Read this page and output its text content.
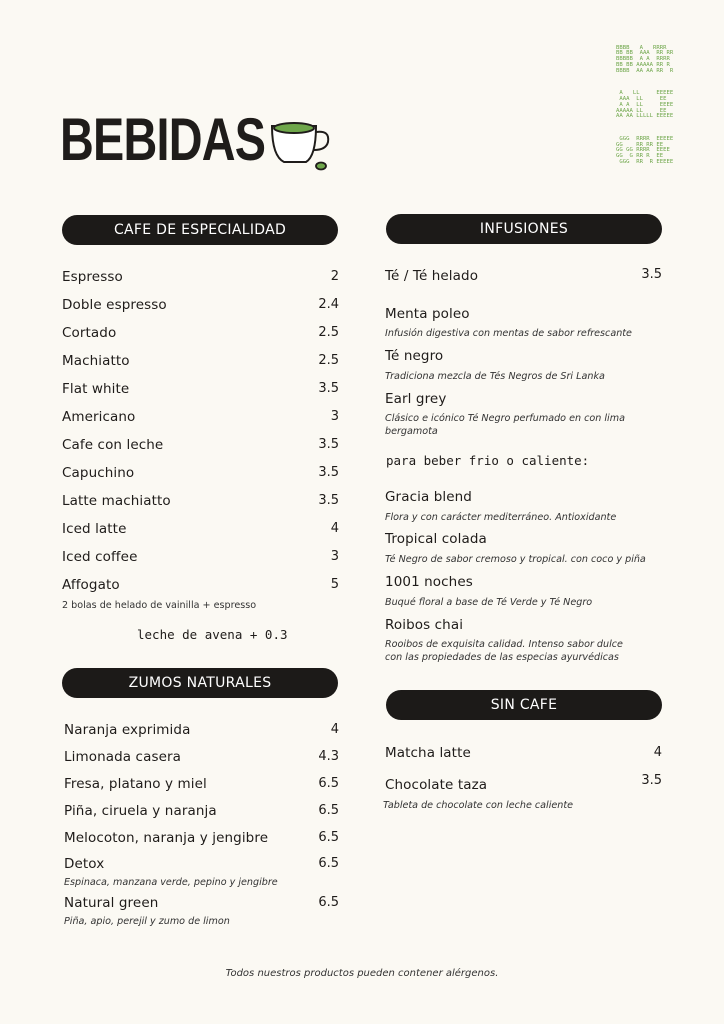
BEBIDAS

BBBB   A   RRRR
BB BB  AAA  RR RR
BBBBB  A A  RRRR
BB BB AAAAA RR R
BBBB  AA AA RR  R

A   LL     EEEEE
AAA  LL     EE
A A  LL     EEEE
AAAAA LL     EE
AA AA LLLLL EEEEE

GGG  RRRR  EEEEE
GG    RR RR EE
GG GG RRRR  EEEE
GG  G RR R  EE
GGG  RR  R EEEEE

CAFE DE ESPECIALIDAD
Espresso	2
Doble espresso	2.4
Cortado	2.5
Machiatto	2.5
Flat white	3.5
Americano	3
Cafe con leche	3.5
Capuchino	3.5
Latte machiatto	3.5
Iced latte	4
Iced coffee	3
Affogato	5
2 bolas de helado de vainilla + espresso
leche de avena + 0.3
ZUMOS NATURALES
Naranja exprimida	4
Limonada casera	4.3
Fresa, platano y miel	6.5
Piña, ciruela y naranja	6.5
Melocoton, naranja y jengibre	6.5
Detox	6.5
Espinaca, manzana verde, pepino y jengibre
Natural green	6.5
Piña, apio, perejil y zumo de limon
INFUSIONES
Té / Té helado	3.5
Menta poleo
Infusión digestiva con mentas de sabor refrescante
Té negro
Tradiciona mezcla de Tés Negros de Sri Lanka
Earl grey
Clásico e icónico Té Negro perfumado en con lima bergamota
para beber frio o caliente:
Gracia blend
Flora y con carácter mediterráneo. Antioxidante
Tropical colada
Té Negro de sabor cremoso y tropical. con coco y piña
1001 noches
Buqué floral a base de Té Verde y Té Negro
Roibos chai
Rooibos de exquisita calidad. Intenso sabor dulce con las propiedades de las especias ayurvédicas
SIN CAFE
Matcha latte	4
Chocolate taza	3.5
Tableta de chocolate con leche caliente
Todos nuestros productos pueden contener alérgenos.
